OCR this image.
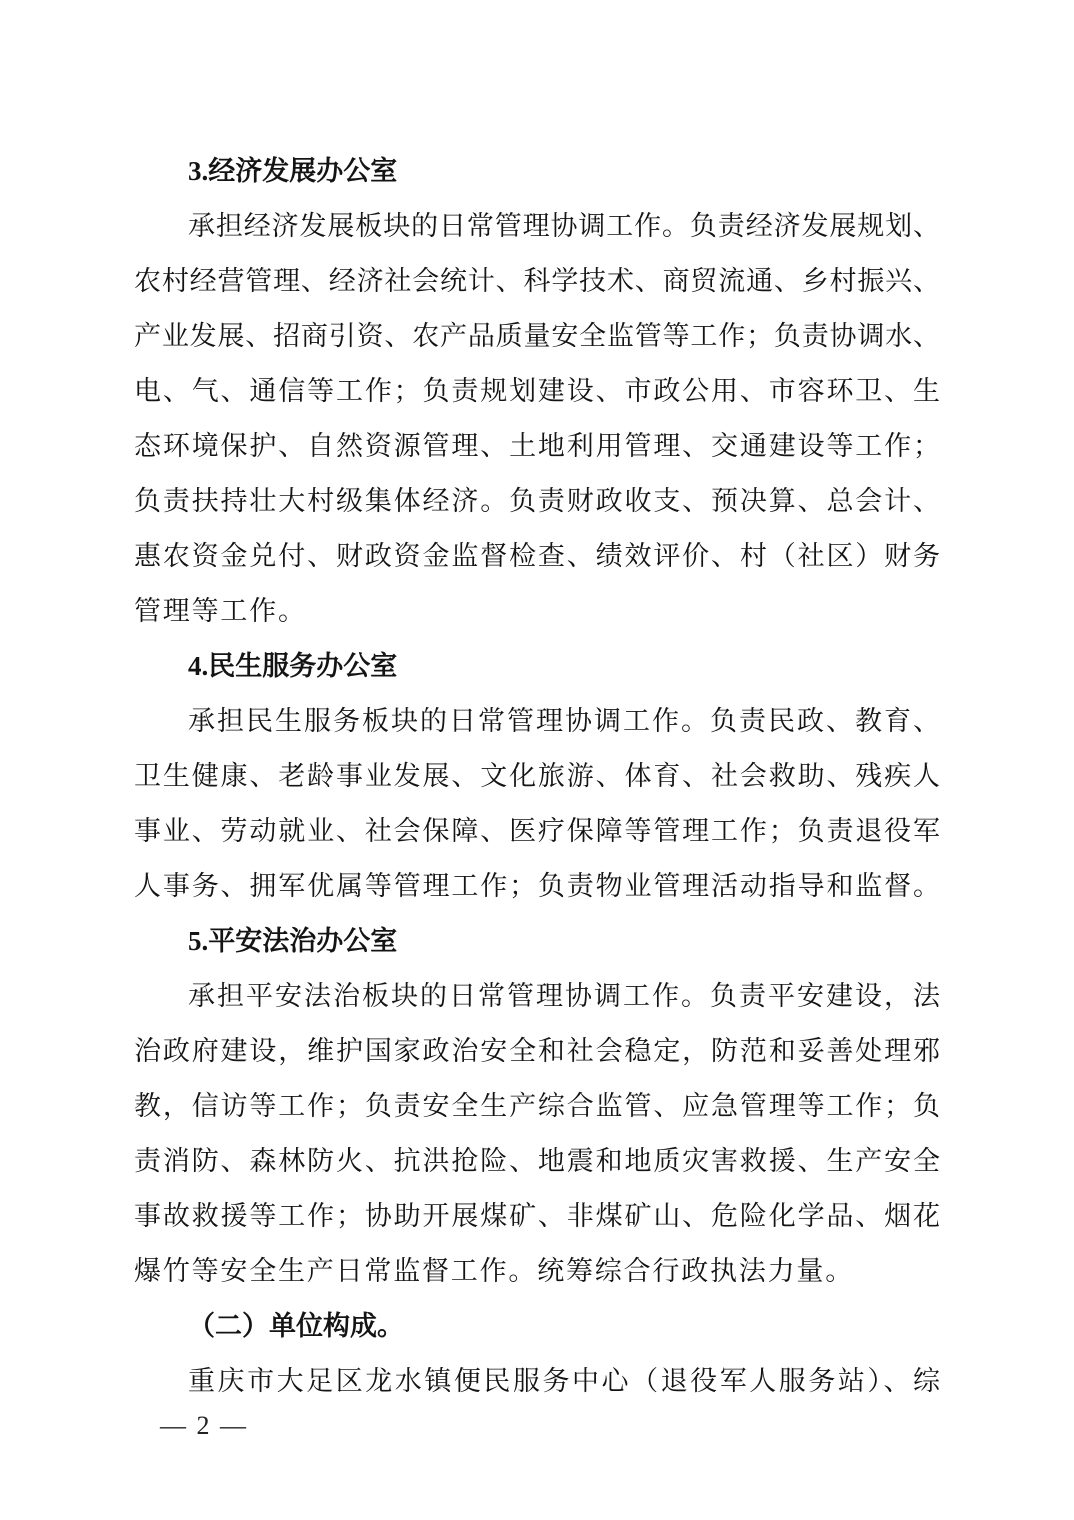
3.经济发展办公室
承担经济发展板块的日常管理协调工作。负责经济发展规划、
农村经营管理、经济社会统计、科学技术、商贸流通、乡村振兴、
产业发展、招商引资、农产品质量安全监管等工作；负责协调水、
电、气、通信等工作；负责规划建设、市政公用、市容环卫、生
态环境保护、自然资源管理、土地利用管理、交通建设等工作；
负责扶持壮大村级集体经济。负责财政收支、预决算、总会计、
惠农资金兑付、财政资金监督检查、绩效评价、村（社区）财务
管理等工作。
4.民生服务办公室
承担民生服务板块的日常管理协调工作。负责民政、教育、
卫生健康、老龄事业发展、文化旅游、体育、社会救助、残疾人
事业、劳动就业、社会保障、医疗保障等管理工作；负责退役军
人事务、拥军优属等管理工作；负责物业管理活动指导和监督。
5.平安法治办公室
承担平安法治板块的日常管理协调工作。负责平安建设，法
治政府建设，维护国家政治安全和社会稳定，防范和妥善处理邪
教，信访等工作；负责安全生产综合监管、应急管理等工作；负
责消防、森林防火、抗洪抢险、地震和地质灾害救援、生产安全
事故救援等工作；协助开展煤矿、非煤矿山、危险化学品、烟花
爆竹等安全生产日常监督工作。统筹综合行政执法力量。
（二）单位构成。
重庆市大足区龙水镇便民服务中心（退役军人服务站）、综
— 2 —
